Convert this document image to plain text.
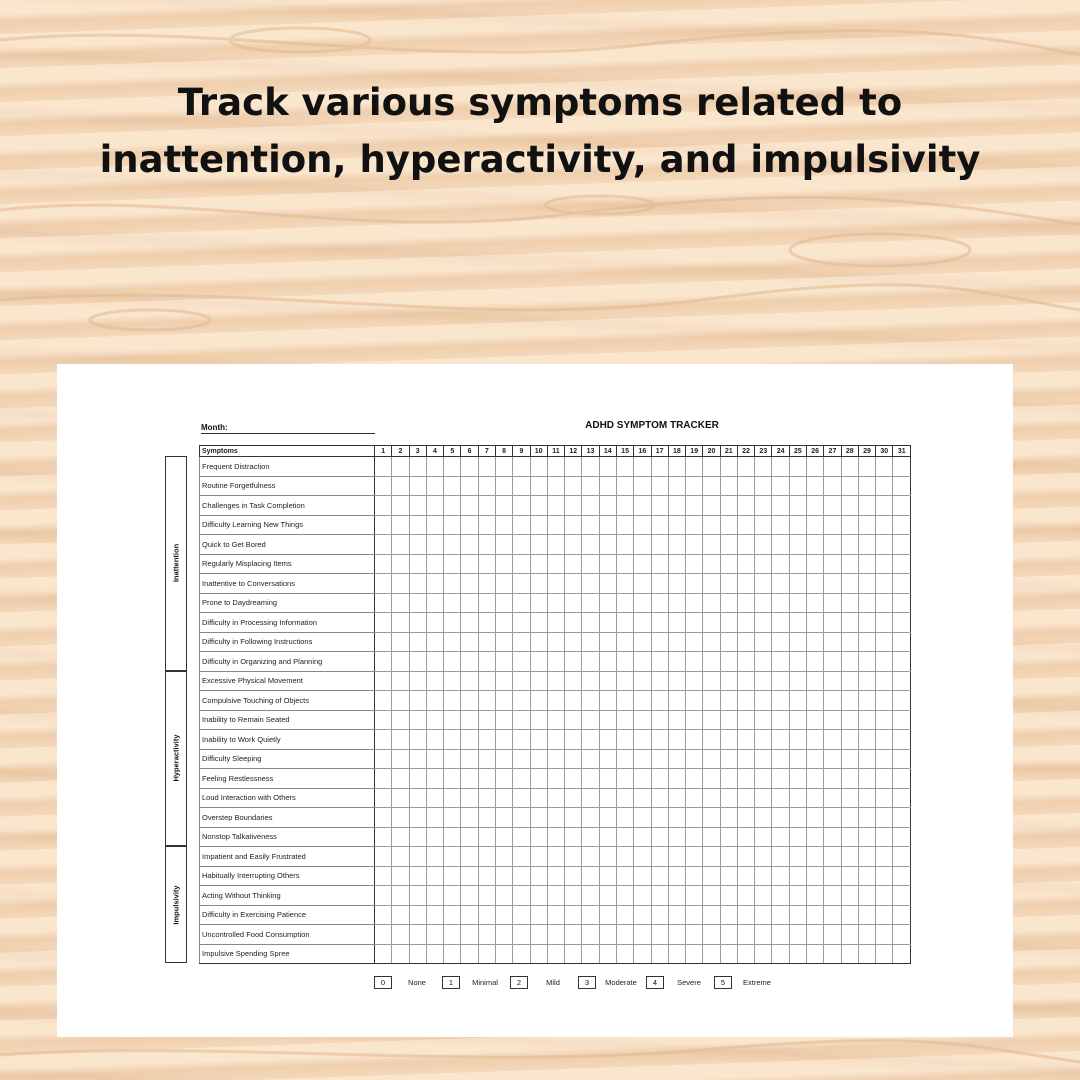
Track various symptoms related to
inattention, hyperactivity, and impulsivity
Month:	ADHD SYMPTOM TRACKER
Inattention
Hyperactivity
Impulsivity
Symptoms	1	2	3	4	5	6	7	8	9	10	11	12	13	14	15	16	17	18	19	20	21	22	23	24	25	26	27	28	29	30	31
Frequent Distraction																															
Routine Forgetfulness																															
Challenges in Task Completion																															
Difficulty Learning New Things																															
Quick to Get Bored																															
Regularly Misplacing Items																															
Inattentive to Conversations																															
Prone to Daydreaming																															
Difficulty in Processing Information																															
Difficulty in Following Instructions																															
Difficulty in Organizing and Planning																															
Excessive Physical Movement																															
Compulsive Touching of Objects																															
Inability to Remain Seated																															
Inability to Work Quietly																															
Difficulty Sleeping																															
Feeling Restlessness																															
Loud Interaction with Others																															
Overstep Boundaries																															
Nonstop Talkativeness																															
Impatient and Easily Frustrated																															
Habitually Interrupting Others																															
Acting Without Thinking																															
Difficulty in Exercising Patience																															
Uncontrolled Food Consumption																															
Impulsive Spending Spree																															
0	None	1	Minimal	2	Mild	3	Moderate	4	Severe	5	Extreme
